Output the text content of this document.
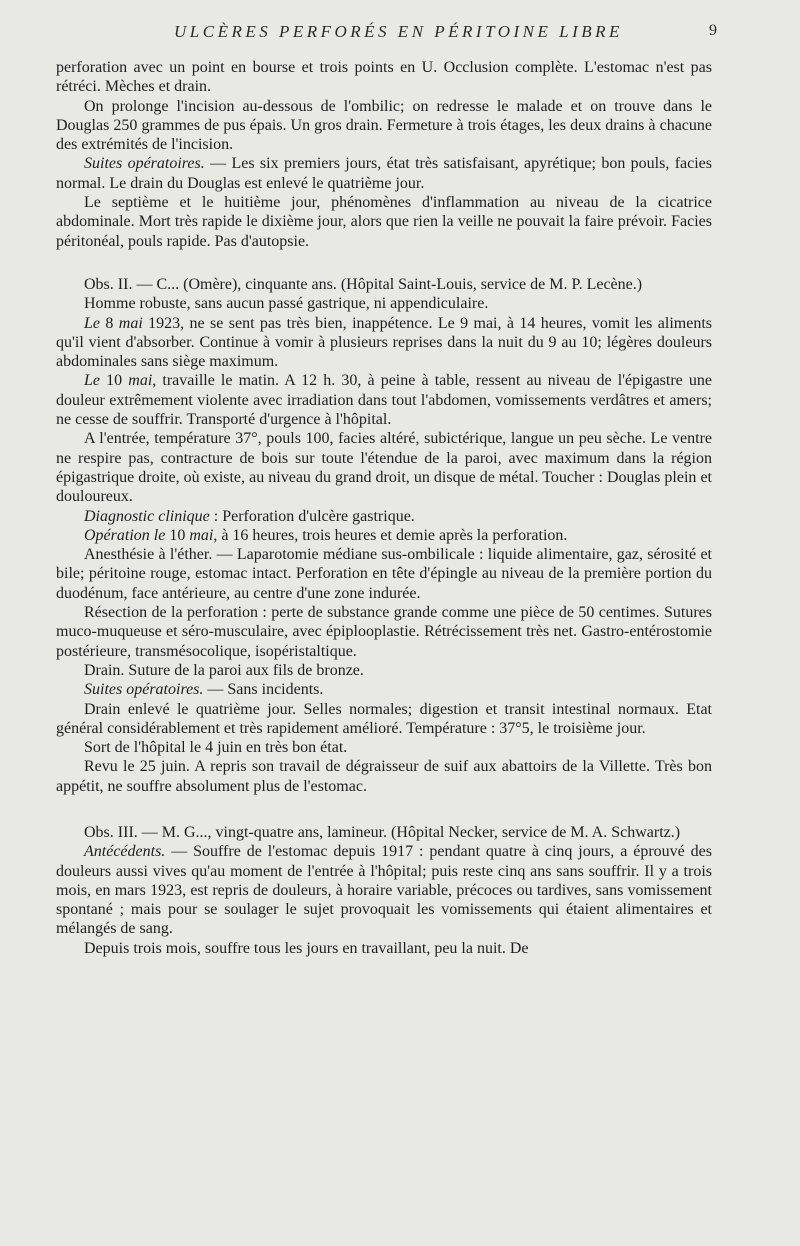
ULCÈRES PERFORÉS EN PÉRITOINE LIBRE	9

perforation avec un point en bourse et trois points en U. Occlusion complète. L'estomac n'est pas rétréci. Mèches et drain.

On prolonge l'incision au-dessous de l'ombilic; on redresse le malade et on trouve dans le Douglas 250 grammes de pus épais. Un gros drain. Fermeture à trois étages, les deux drains à chacune des extrémités de l'incision.

Suites opératoires. — Les six premiers jours, état très satisfaisant, apyrétique; bon pouls, facies normal. Le drain du Douglas est enlevé le quatrième jour.

Le septième et le huitième jour, phénomènes d'inflammation au niveau de la cicatrice abdominale. Mort très rapide le dixième jour, alors que rien la veille ne pouvait la faire prévoir. Facies péritonéal, pouls rapide. Pas d'autopsie.

Obs. II. — C... (Omère), cinquante ans. (Hôpital Saint-Louis, service de M. P. Lecène.)

Homme robuste, sans aucun passé gastrique, ni appendiculaire.

Le 8 mai 1923, ne se sent pas très bien, inappétence. Le 9 mai, à 14 heures, vomit les aliments qu'il vient d'absorber. Continue à vomir à plusieurs reprises dans la nuit du 9 au 10; légères douleurs abdominales sans siège maximum.

Le 10 mai, travaille le matin. A 12 h. 30, à peine à table, ressent au niveau de l'épigastre une douleur extrêmement violente avec irradiation dans tout l'abdomen, vomissements verdâtres et amers; ne cesse de souffrir. Transporté d'urgence à l'hôpital.

A l'entrée, température 37°, pouls 100, facies altéré, subictérique, langue un peu sèche. Le ventre ne respire pas, contracture de bois sur toute l'étendue de la paroi, avec maximum dans la région épigastrique droite, où existe, au niveau du grand droit, un disque de métal. Toucher : Douglas plein et douloureux.

Diagnostic clinique : Perforation d'ulcère gastrique.

Opération le 10 mai, à 16 heures, trois heures et demie après la perforation.

Anesthésie à l'éther. — Laparotomie médiane sus-ombilicale : liquide alimentaire, gaz, sérosité et bile; péritoine rouge, estomac intact. Perforation en tête d'épingle au niveau de la première portion du duodénum, face antérieure, au centre d'une zone indurée.

Résection de la perforation : perte de substance grande comme une pièce de 50 centimes. Sutures muco-muqueuse et séro-musculaire, avec épiplooplastie. Rétrécissement très net. Gastro-entérostomie postérieure, transmésocolique, isopéristaltique.

Drain. Suture de la paroi aux fils de bronze.

Suites opératoires. — Sans incidents.

Drain enlevé le quatrième jour. Selles normales; digestion et transit intestinal normaux. Etat général considérablement et très rapidement amélioré. Température : 37°5, le troisième jour.

Sort de l'hôpital le 4 juin en très bon état.

Revu le 25 juin. A repris son travail de dégraisseur de suif aux abattoirs de la Villette. Très bon appétit, ne souffre absolument plus de l'estomac.

Obs. III. — M. G..., vingt-quatre ans, lamineur. (Hôpital Necker, service de M. A. Schwartz.)

Antécédents. — Souffre de l'estomac depuis 1917 : pendant quatre à cinq jours, a éprouvé des douleurs aussi vives qu'au moment de l'entrée à l'hôpital; puis reste cinq ans sans souffrir. Il y a trois mois, en mars 1923, est repris de douleurs, à horaire variable, précoces ou tardives, sans vomissement spontané ; mais pour se soulager le sujet provoquait les vomissements qui étaient alimentaires et mélangés de sang.

Depuis trois mois, souffre tous les jours en travaillant, peu la nuit. De
